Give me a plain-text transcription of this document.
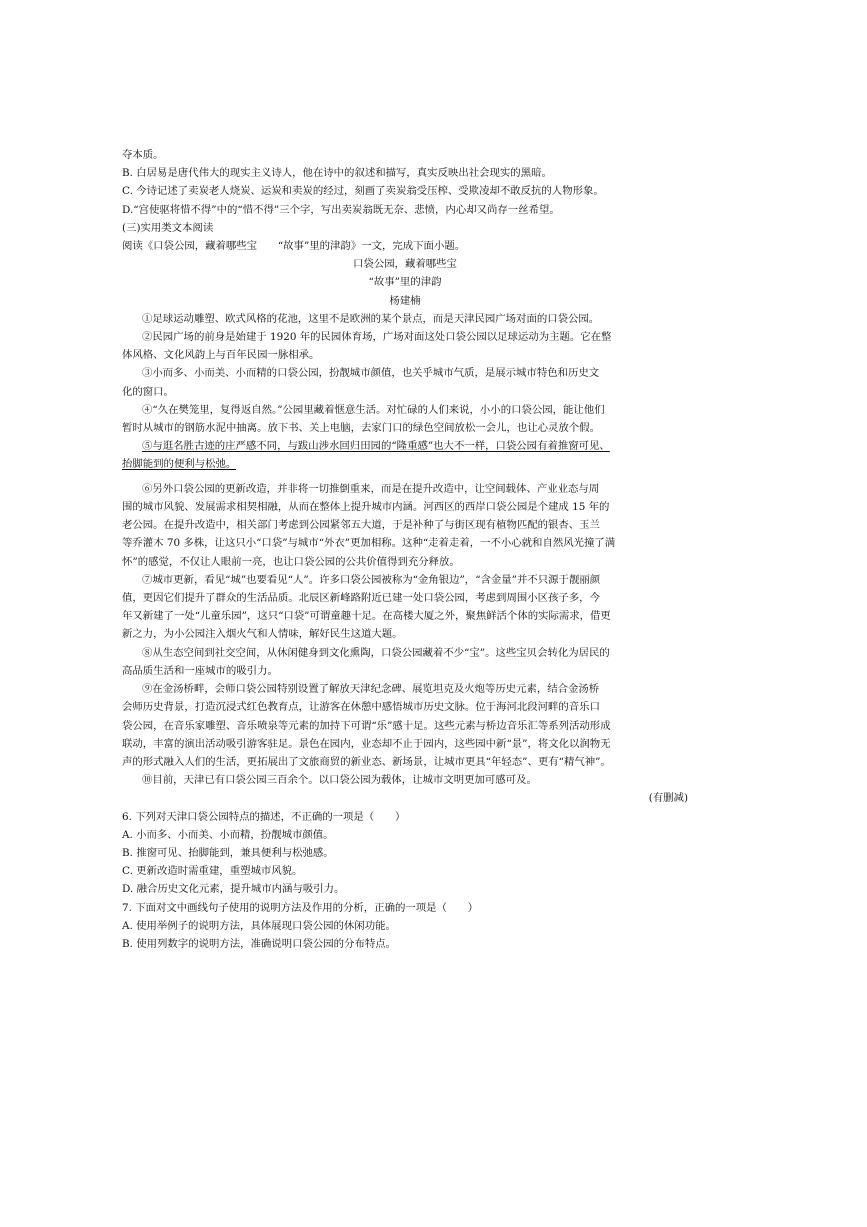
夺本质。
B. 白居易是唐代伟大的现实主义诗人，他在诗中的叙述和描写，真实反映出社会现实的黑暗。
C. 今诗记述了卖炭老人烧炭、运炭和卖炭的经过，刻画了卖炭翁受压榨、受欺凌却不敢反抗的人物形象。
D.“宫使驱将惜不得”中的“惜不得”三个字，写出卖炭翁既无奈、悲愤，内心却又尚存一丝希望。
(三)实用类文本阅读
阅读《口袋公园，藏着哪些宝　　“故事”里的津韵》一文，完成下面小题。
口袋公园，藏着哪些宝
“故事”里的津韵
杨建楠
①足球运动雕塑、欧式风格的花池，这里不是欧洲的某个景点，而是天津民园广场对面的口袋公园。
②民园广场的前身是始建于 1920 年的民园体育场，广场对面这处口袋公园以足球运动为主题。它在整
体风格、文化风韵上与百年民园一脉相承。
③小而多、小而美、小而精的口袋公园，扮靓城市颜值，也关乎城市气质，是展示城市特色和历史文
化的窗口。
④“久在樊笼里，复得返自然。”公园里藏着惬意生活。对忙碌的人们来说，小小的口袋公园，能让他们
暂时从城市的钢筋水泥中抽离。放下书、关上电脑，去家门口的绿色空间放松一会儿，也让心灵放个假。
⑤与逛名胜古迹的庄严感不同，与跋山涉水回归田园的“隆重感”也大不一样，口袋公园有着推窗可见、
抬脚能到的便利与松弛。
⑥另外口袋公园的更新改造，并非将一切推倒重来，而是在提升改造中，让空间载体、产业业态与周
围的城市风貌、发展需求相契相融，从而在整体上提升城市内涵。河西区的西岸口袋公园是个建成 15 年的
老公园。在提升改造中，相关部门考虑到公园紧邻五大道，于是补种了与街区现有植物匹配的银杏、玉兰
等乔灌木 70 多株，让这只小“口袋”与城市“外衣”更加相称。这种“走着走着，一不小心就和自然风光撞了满
怀”的感觉，不仅让人眼前一亮，也让口袋公园的公共价值得到充分释放。
⑦城市更新，看见“城”也要看见“人”。许多口袋公园被称为“金角银边”，“含金量”并不只源于靓丽颜
值，更因它们提升了群众的生活品质。北辰区新峰路附近已建一处口袋公园，考虑到周围小区孩子多，今
年又新建了一处“儿童乐园”，这只“口袋”可谓童趣十足。在高楼大厦之外，聚焦鲜活个体的实际需求，借更
新之力，为小公园注入烟火气和人情味，解好民生这道大题。
⑧从生态空间到社交空间，从休闲健身到文化熏陶，口袋公园藏着不少“宝”。这些宝贝会转化为居民的
高品质生活和一座城市的吸引力。
⑨在金汤桥畔，会师口袋公园特别设置了解放天津纪念碑、展览坦克及火炮等历史元素，结合金汤桥
会师历史背景，打造沉浸式红色教育点，让游客在休憩中感悟城市历史文脉。位于海河北段河畔的音乐口
袋公园，在音乐家雕塑、音乐喷泉等元素的加持下可谓“乐”感十足。这些元素与桥边音乐汇等系列活动形成
联动，丰富的演出活动吸引游客驻足。景色在园内，业态却不止于园内，这些园中新“景”，将文化以润物无
声的形式融入人们的生活，更拓展出了文旅商贸的新业态、新场景，让城市更具“年轻态”、更有“精气神”。
⑩目前，天津已有口袋公园三百余个。以口袋公园为载体，让城市文明更加可感可及。
(有删减)
6. 下列对天津口袋公园特点的描述，不正确的一项是（　　）
A. 小而多、小而美、小而精，扮靓城市颜值。
B. 推窗可见、抬脚能到，兼具便利与松弛感。
C. 更新改造时需重建，重塑城市风貌。
D. 融合历史文化元素，提升城市内涵与吸引力。
7. 下面对文中画线句子使用的说明方法及作用的分析，正确的一项是（　　）
A. 使用举例子的说明方法，具体展现口袋公园的休闲功能。
B. 使用列数字的说明方法，准确说明口袋公园的分布特点。
